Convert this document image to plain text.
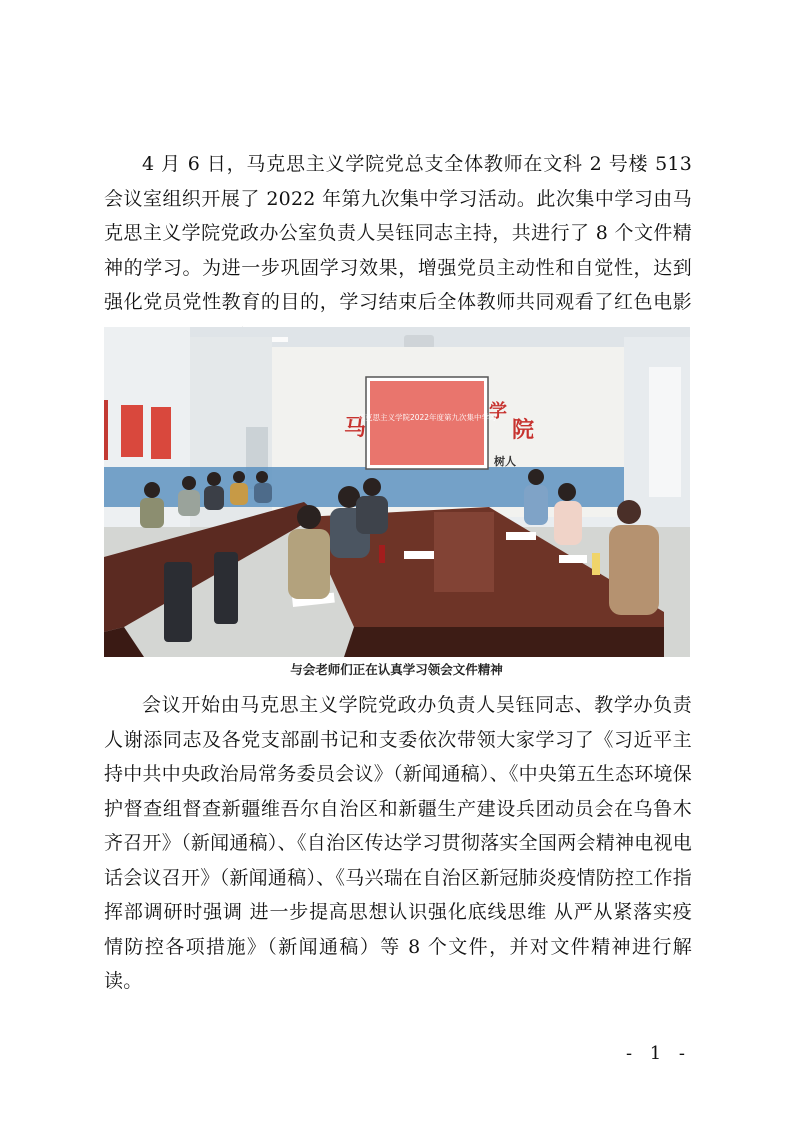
4 月 6 日，马克思主义学院党总支全体教师在文科 2 号楼 513 会议室组织开展了 2022 年第九次集中学习活动。此次集中学习由马克思主义学院党政办公室负责人吴钰同志主持，共进行了 8 个文件精神的学习。为进一步巩固学习效果，增强党员主动性和自觉性，达到强化党员党性教育的目的，学习结束后全体教师共同观看了红色电影

马
学
院
树人
马克思主义学院2022年度第九次集中学习
与会老师们正在认真学习领会文件精神

会议开始由马克思主义学院党政办负责人吴钰同志、教学办负责人谢添同志及各党支部副书记和支委依次带领大家学习了《习近平主持中共中央政治局常务委员会议》（新闻通稿）、《中央第五生态环境保护督查组督查新疆维吾尔自治区和新疆生产建设兵团动员会在乌鲁木齐召开》（新闻通稿）、《自治区传达学习贯彻落实全国两会精神电视电话会议召开》（新闻通稿）、《马兴瑞在自治区新冠肺炎疫情防控工作指挥部调研时强调 进一步提高思想认识强化底线思维 从严从紧落实疫情防控各项措施》（新闻通稿）等 8 个文件，并对文件精神进行解读。

- 1 -
